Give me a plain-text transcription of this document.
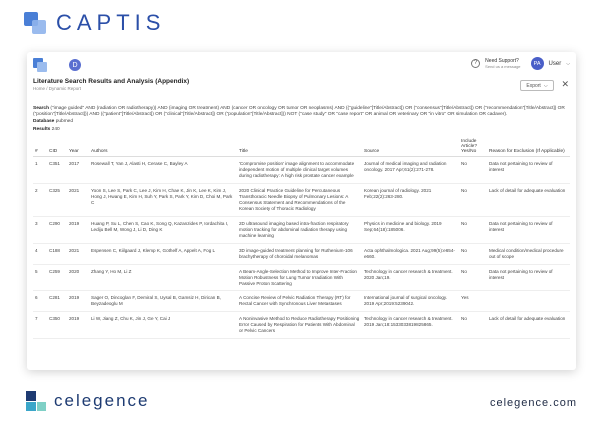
CAPTIS
D	?	Need Support?
Send us a message	PA	User ⌵
Literature Search Results and Analysis (Appendix)
Home / Dynamic Report	Export ⌵ ✕
Search ("image guided" AND (radiation OR radiotherapy)) AND (imaging OR treatment) AND (cancer OR oncology OR tumor OR neoplasms) AND (("guideline"[Title/Abstract]) OR ("consensus"[Title/Abstract]) OR ("recommendation"[Title/Abstract]) OR ("position"[Title/Abstract])) AND (("patient"[Title/Abstract]) OR ("clinical"[Title/Abstract]) OR ("population"[Title/Abstract])) NOT ("case study" OR "case report" OR animal OR veterinary OR "in vitro" OR simulation OR cadaver).
Database pubmed
Results 240
#	CID	Year	Authors	Title	Source	Include Article? Yes/No	Reason for Exclusion (If Applicable)
1	C351	2017	Rosewall T, Yan J, Alasti H, Cerase C, Bayley A	'Compromise position' image alignment to accommodate independent motion of multiple clinical target volumes during radiotherapy: A high risk prostate cancer example	Journal of medical imaging and radiation oncology. 2017 Apr;61(2):271-278.	No	Data not pertaining to review of interest
2	C325	2021	Yoon S, Lee S, Park C, Lee J, Kim H, Chae K, Jin K, Lee K, Kim J, Hong J, Hwang E, Kim H, Suh Y, Park S, Park Y, Kim D, Choi M, Park C	2020 Clinical Practice Guideline for Percutaneous Transthoracic Needle Biopsy of Pulmonary Lesions: A Consensus Statement and Recommendations of the Korean Society of Thoracic Radiology	Korean journal of radiology. 2021 Feb;22(2):263-280.	No	Lack of detail for adequate evaluation
3	C290	2019	Huang P, Su L, Chen S, Cao K, Song Q, Kazanzides P, Iordachita I, Lediju Bell M, Wong J, Li D, Ding K	2D ultrasound imaging based intra-fraction respiratory motion tracking for abdominal radiation therapy using machine learning	Physics in medicine and biology. 2019 Sep;64(18):185006.	No	Data not pertaining to review of interest
4	C188	2021	Espensen C, Kiilgaard J, Klemp K, Gothelf A, Appelt A, Fog L	3D image-guided treatment planning for Ruthenium-106 brachytherapy of choroidal melanomas	Acta ophthalmologica. 2021 Aug;99(5):e654-e660.	No	Medical condition/medical procedure out of scope
5	C259	2020	Zhang Y, Ho M, Li Z	A Beam-Angle-Selection Method to Improve Inter-Fraction Motion Robustness for Lung Tumor Irradiation With Passive Proton Scattering	Technology in cancer research & treatment. 2020 Jan;19.	No	Data not pertaining to review of interest
6	C281	2019	Sager O, Dincoglan F, Demiral S, Uysal B, Gamsiz H, Dirican B, Beyzadeoglu M	A Concise Review of Pelvic Radiation Therapy (RT) for Rectal Cancer with Synchronous Liver Metastases	International journal of surgical oncology. 2019 Apr;2019:5239042.	Yes	
7	C350	2019	Li W, Jiang Z, Chu K, Jin J, Ge Y, Cai J	A Noninvasive Method to Reduce Radiotherapy Positioning Error Caused by Respiration for Patients With Abdominal or Pelvic Cancers	Technology in cancer research & treatment. 2019 Jan;18:1533033819825865.	No	Lack of detail for adequate evaluation
celegence	celegence.com
